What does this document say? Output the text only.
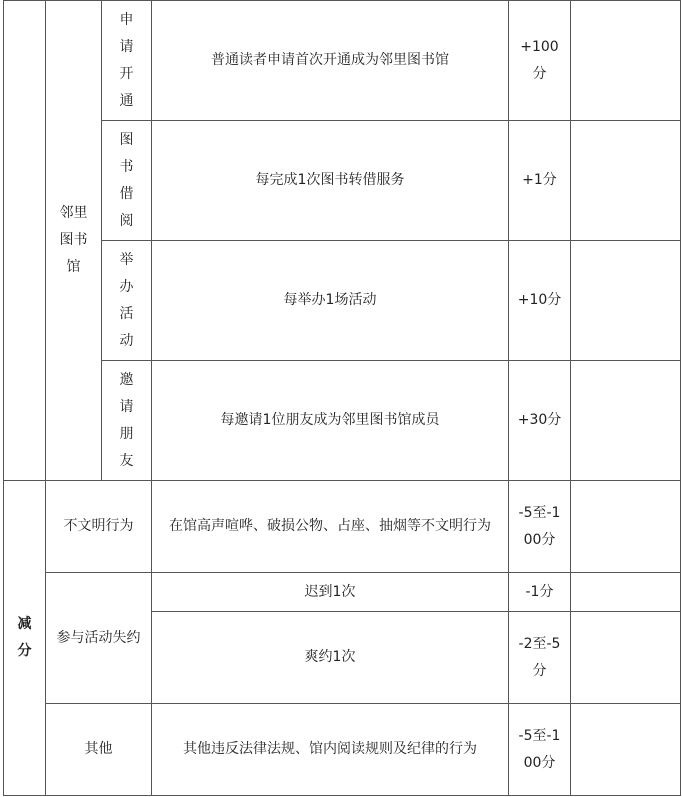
	邻里图书馆	申请开通	普通读者申请首次开通成为邻里图书馆	+100分	
		图书借阅	每完成1次图书转借服务	+1分	
		举办活动	每举办1场活动	+10分	
		邀请朋友	每邀请1位朋友成为邻里图书馆成员	+30分	
减分	不文明行为		在馆高声喧哗、破损公物、占座、抽烟等不文明行为	-5至-100分	
	参与活动失约		迟到1次	-1分	
			爽约1次	-2至-5分	
	其他		其他违反法律法规、馆内阅读规则及纪律的行为	-5至-100分	
